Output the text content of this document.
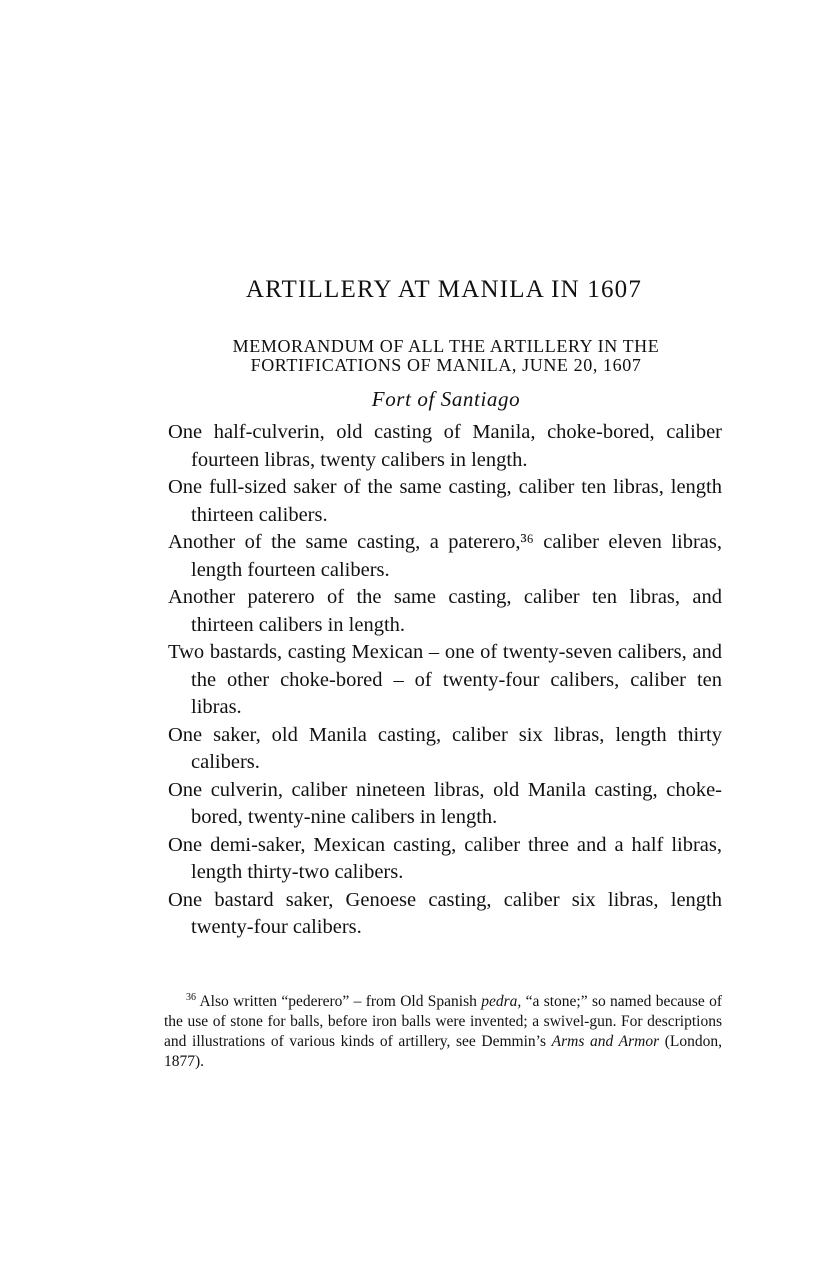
ARTILLERY AT MANILA IN 1607

MEMORANDUM OF ALL THE ARTILLERY IN THE
FORTIFICATIONS OF MANILA, JUNE 20, 1607

Fort of Santiago

One half-culverin, old casting of Manila, choke-bored, caliber fourteen libras, twenty calibers in length.
One full-sized saker of the same casting, caliber ten libras, length thirteen calibers.
Another of the same casting, a paterero,³⁶ caliber eleven libras, length fourteen calibers.
Another paterero of the same casting, caliber ten libras, and thirteen calibers in length.
Two bastards, casting Mexican – one of twenty-seven calibers, and the other choke-bored – of twenty-four calibers, caliber ten libras.
One saker, old Manila casting, caliber six libras, length thirty calibers.
One culverin, caliber nineteen libras, old Manila casting, choke-bored, twenty-nine calibers in length.
One demi-saker, Mexican casting, caliber three and a half libras, length thirty-two calibers.
One bastard saker, Genoese casting, caliber six libras, length twenty-four calibers.

$^{36}$ Also written “pederero” – from Old Spanish pedra, “a stone;” so named because of the use of stone for balls, before iron balls were invented; a swivel-gun. For descriptions and illustrations of various kinds of artillery, see Demmin’s Arms and Armor (London, 1877).
